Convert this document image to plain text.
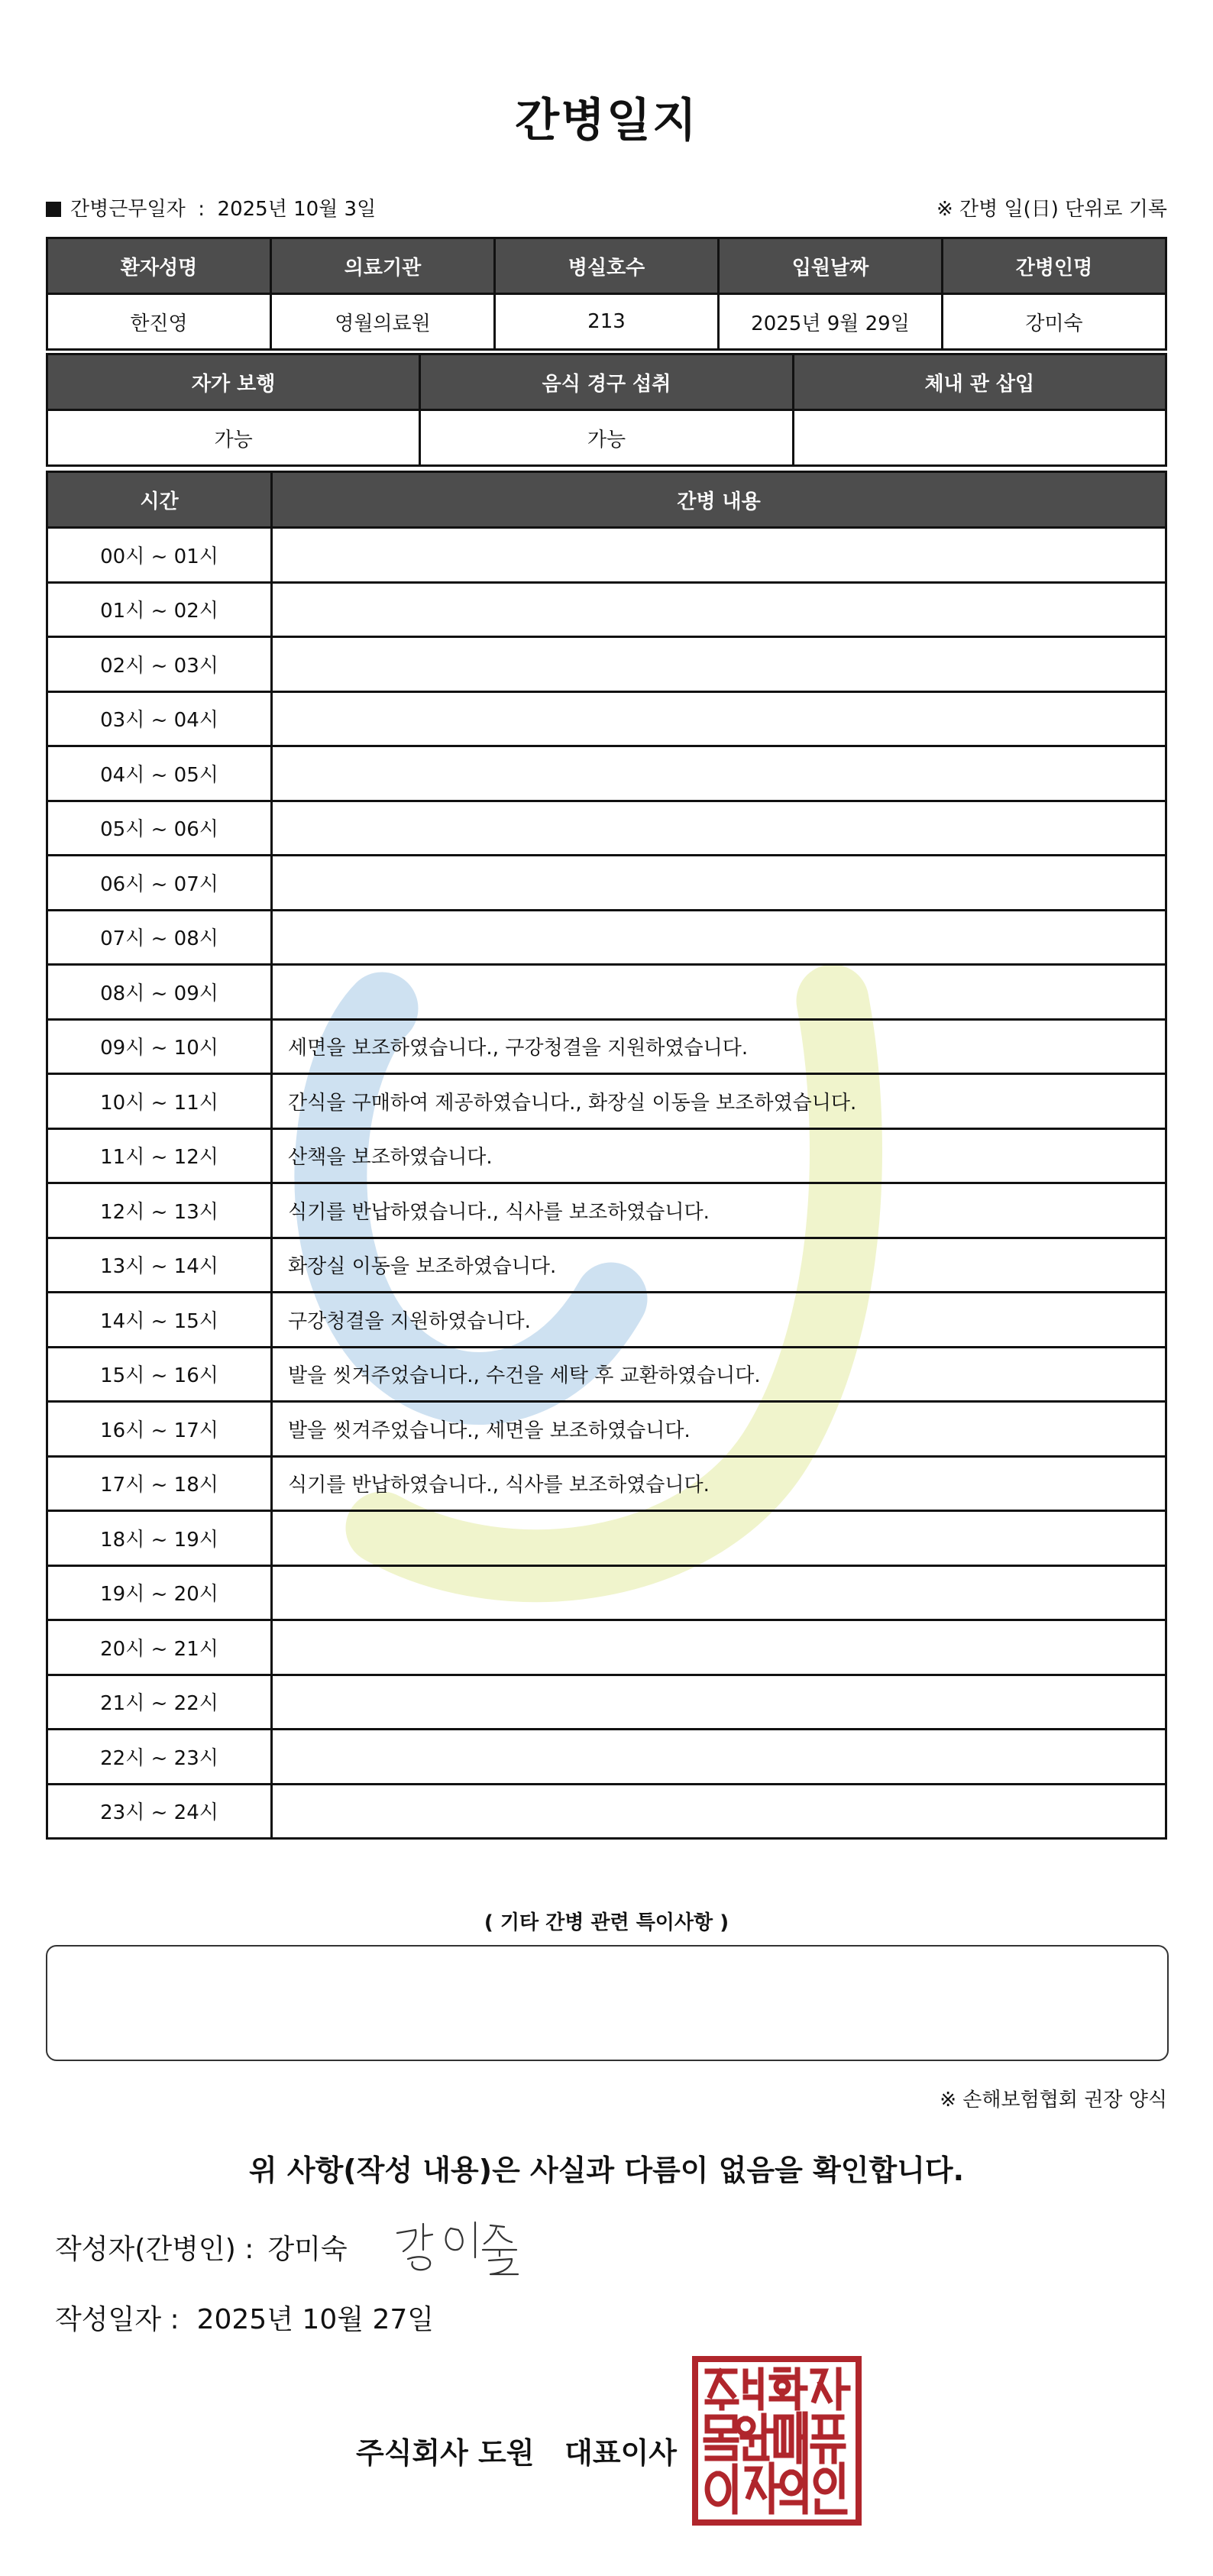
간병일지
간병근무일자 : 2025년 10월 3일	※ 간병 일(日) 단위로 기록
환자성명	의료기관	병실호수	입원날짜	간병인명
한진영	영월의료원	213	2025년 9월 29일	강미숙
자가 보행	음식 경구 섭취	체내 관 삽입
가능	가능	
시간	간병 내용
00시 ~ 01시	
01시 ~ 02시	
02시 ~ 03시	
03시 ~ 04시	
04시 ~ 05시	
05시 ~ 06시	
06시 ~ 07시	
07시 ~ 08시	
08시 ~ 09시	
09시 ~ 10시	세면을 보조하였습니다., 구강청결을 지원하였습니다.
10시 ~ 11시	간식을 구매하여 제공하였습니다., 화장실 이동을 보조하였습니다.
11시 ~ 12시	산책을 보조하였습니다.
12시 ~ 13시	식기를 반납하였습니다., 식사를 보조하였습니다.
13시 ~ 14시	화장실 이동을 보조하였습니다.
14시 ~ 15시	구강청결을 지원하였습니다.
15시 ~ 16시	발을 씻겨주었습니다., 수건을 세탁 후 교환하였습니다.
16시 ~ 17시	발을 씻겨주었습니다., 세면을 보조하였습니다.
17시 ~ 18시	식기를 반납하였습니다., 식사를 보조하였습니다.
18시 ~ 19시	
19시 ~ 20시	
20시 ~ 21시	
21시 ~ 22시	
22시 ~ 23시	
23시 ~ 24시	
( 기타 간병 관련 특이사항 )
※ 손해보험협회 권장 양식
위 사항(작성 내용)은 사실과 다름이 없음을 확인합니다.
작성자(간병인) : 강미숙
작성일자 : 2025년 10월 27일
주식회사 도원   대표이사
